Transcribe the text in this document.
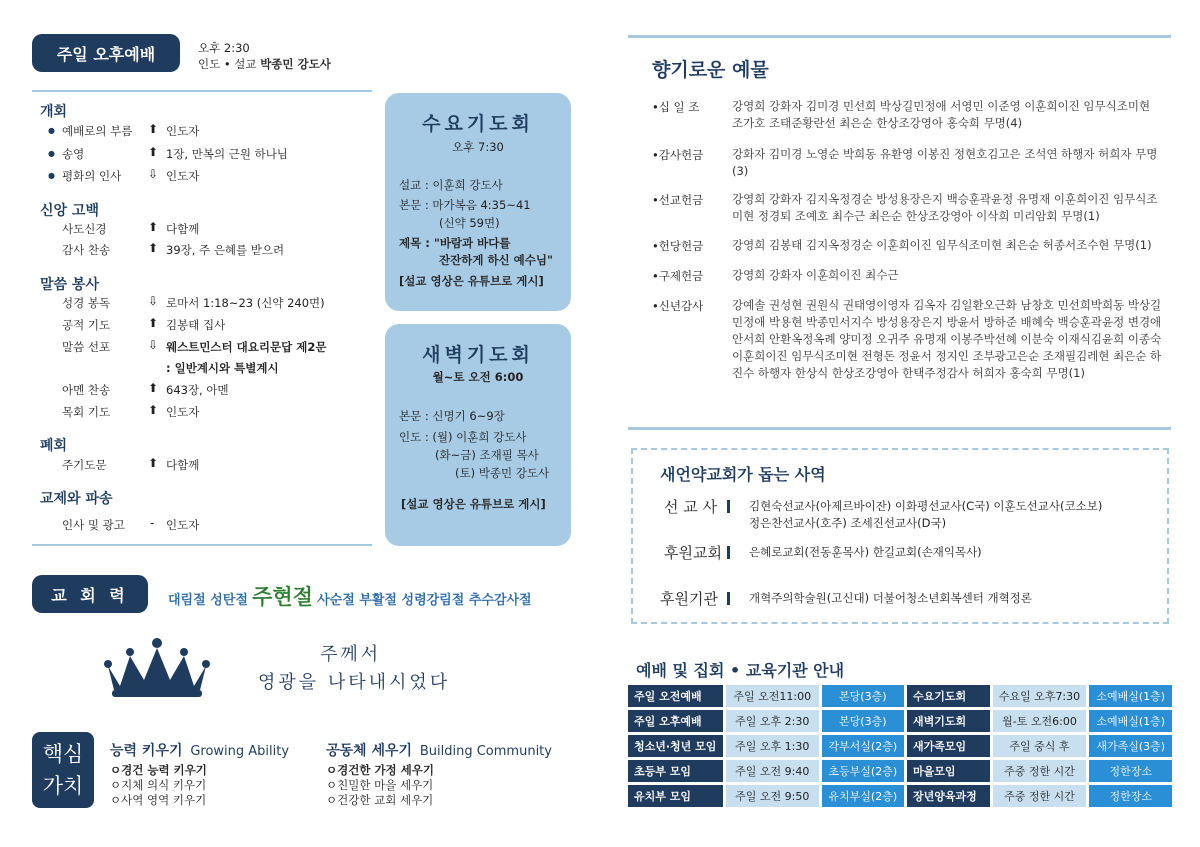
주일 오후예배	오후 2:30
인도 • 설교 박종민 강도사
개회
● 예배로의 부름 ⬆ 인도자
● 송영	⬆ 1장, 만복의 근원 하나님
● 평화의 인사 ⇩ 인도자
신앙 고백
사도신경	⬆ 다함께
감사 찬송	⬆ 39장, 주 은혜를 받으려
말씀 봉사
성경 봉독	⇩ 로마서 1:18~23 (신약 240면)
공적 기도	⬆ 김봉태 집사
말씀 선포	⇩ 웨스트민스터 대요리문답 제2문
: 일반계시와 특별계시
아멘 찬송	⬆ 643장, 아멘
목회 기도	⬆ 인도자
폐회
주기도문	⬆ 다함께
교제와 파송
인사 및 광고 - 인도자
수요기도회
오후 7:30
설교 : 이훈희 강도사
본문 : 마가복음 4:35~41
(신약 59면)
제목 : "바람과 바다를
잔잔하게 하신 예수님"
[설교 영상은 유튜브로 게시]
새벽기도회
월~토 오전 6:00
본문 : 신명기 6~9장
인도 : (월) 이훈희 강도사
(화~금) 조재필 목사
(토) 박종민 강도사
[설교 영상은 유튜브로 게시]
교 회 력	대림절 성탄절 주현절 사순절 부활절 성령강림절 추수감사절
주께서
영광을 나타내시었다
핵심
가치
능력 키우기 Growing Ability
ㅇ경건 능력 키우기
ㅇ지체 의식 키우기
ㅇ사역 영역 키우기
공동체 세우기 Building Community
ㅇ경건한 가정 세우기
ㅇ친밀한 마을 세우기
ㅇ건강한 교회 세우기
향기로운 예물
•십 일 조	강영희 강화자 김미경 민선희 박상길민정애 서영민 이준영 이훈희이진 임무식조미현 조가호 조태준황란선 최은순 한상조강영아 홍숙희 무명(4)
•감사헌금	강화자 김미경 노영순 박희동 유환영 이봉진 정현호김고은 조석연 하행자 허희자 무명(3)
•선교헌금	강영희 강화자 김지옥정경순 방성용장은지 백승훈곽윤정 유명재 이훈희이진 임무식조미현 정경퇴 조예호 최수근 최은순 한상조강영아 이삭희 미리암회 무명(1)
•헌당헌금	강영희 김봉태 김지옥정경순 이훈희이진 임무식조미현 최은순 허종서조수현 무명(1)
•구제헌금	강영희 강화자 이훈희이진 최수근
•신년감사	강예솔 권성현 권원식 권태영이영자 김옥자 김일환오근화 남창호 민선희박희동 박상길민정애 박용현 박종민서지수 방성용장은지 방윤서 방하준 배혜숙 백승훈곽윤정 변경애 안서희 안환옥정옥례 양미정 오귀주 유명재 이봉주박선혜 이분숙 이재식김윤희 이종숙 이훈희이진 임무식조미현 전형돈 정윤서 정지인 조부광고은순 조재필김레현 최은순 하진수 하행자 한상식 한상조강영아 한택주정감사 허희자 홍숙희 무명(1)
새언약교회가 돕는 사역
선 교 사	김현숙선교사(아제르바이잔) 이화평선교사(C국) 이훈도선교사(코소보)
정은찬선교사(호주) 조세진선교사(D국)
후원교회 은혜로교회(전동훈목사) 한길교회(손재익목사)
후원기관	개혁주의학술원(고신대) 더불어청소년회복센터 개혁정론
예배 및 집회 • 교육기관 안내
주일 오전예배	주일 오전11:00	본당(3층)	수요기도회	수요일 오후7:30	소예배실(1층)
주일 오후예배	주일 오후 2:30	본당(3층)	새벽기도회	월-토 오전6:00	소예배실(1층)
청소년·청년 모임	주일 오후 1:30	각부서실(2층)	새가족모임	주일 중식 후	새가족실(3층)
초등부 모임	주일 오전 9:40	초등부실(2층)	마을모임	주중 정한 시간	정한장소
유치부 모임	주일 오전 9:50	유치부실(2층)	장년양육과정	주중 정한 시간	정한장소
